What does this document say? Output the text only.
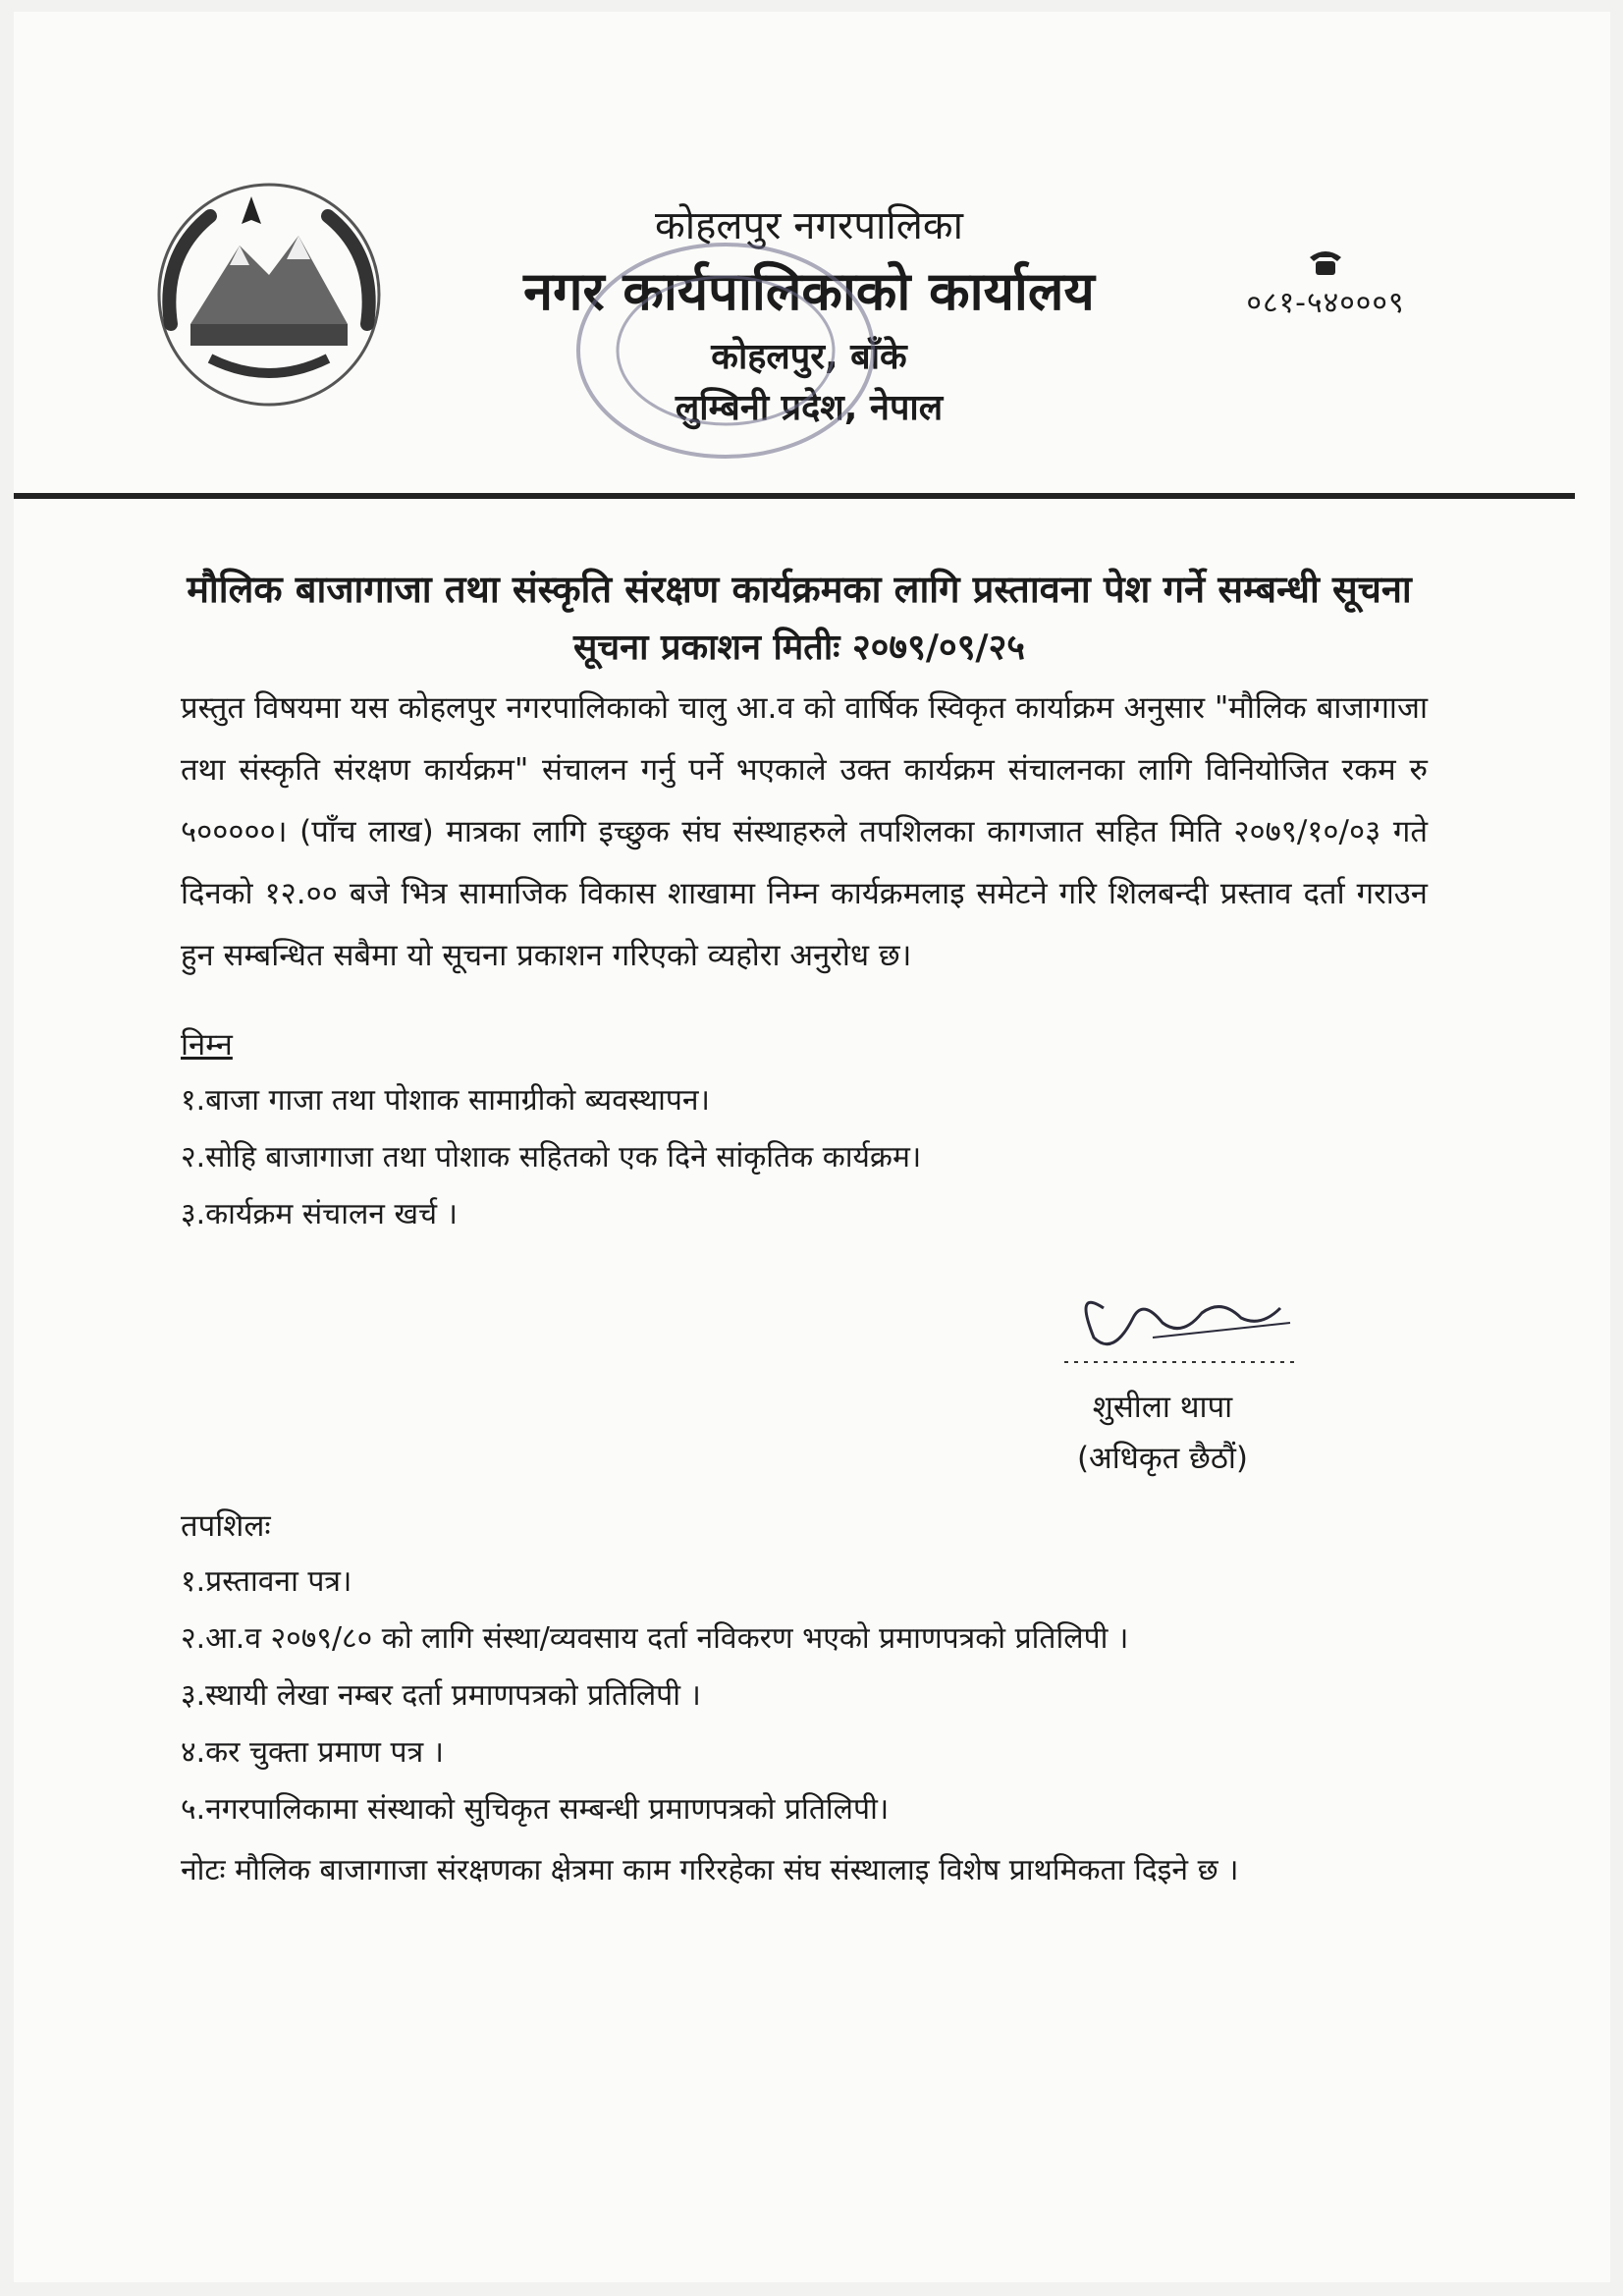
कोहलपुर नगरपालिका
नगर कार्यपालिकाको कार्यालय
कोहलपुर, बाँके
लुम्बिनी प्रदेश, नेपाल
०८१-५४०००९
मौलिक बाजागाजा तथा संस्कृति संरक्षण कार्यक्रमका लागि प्रस्तावना पेश गर्ने सम्बन्धी सूचना
सूचना प्रकाशन मितीः २०७९/०९/२५
प्रस्तुत विषयमा यस कोहलपुर नगरपालिकाको चालु आ.व को वार्षिक स्विकृत कार्याक्रम अनुसार "मौलिक बाजागाजा तथा संस्कृति संरक्षण कार्यक्रम" संचालन गर्नु पर्ने भएकाले उक्त कार्यक्रम संचालनका लागि विनियोजित रकम रु ५०००००। (पाँच लाख) मात्रका लागि इच्छुक संघ संस्थाहरुले तपशिलका कागजात सहित मिति २०७९/१०/०३ गते दिनको १२.०० बजे भित्र सामाजिक विकास शाखामा निम्न कार्यक्रमलाइ समेटने गरि शिलबन्दी प्रस्ताव दर्ता गराउन हुन सम्बन्धित सबैमा यो सूचना प्रकाशन गरिएको व्यहोरा अनुरोध छ।
निम्न
१.बाजा गाजा तथा पोशाक सामाग्रीको ब्यवस्थापन।
२.सोहि बाजागाजा तथा पोशाक सहितको एक दिने सांकृतिक कार्यक्रम।
३.कार्यक्रम संचालन खर्च ।
शुसीला थापा
(अधिकृत छैठौं)
तपशिलः
१.प्रस्तावना पत्र।
२.आ.व २०७९/८० को लागि संस्था/व्यवसाय दर्ता नविकरण भएको प्रमाणपत्रको प्रतिलिपी ।
३.स्थायी लेखा नम्बर दर्ता प्रमाणपत्रको प्रतिलिपी ।
४.कर चुक्ता प्रमाण पत्र ।
५.नगरपालिकामा संस्थाको सुचिकृत सम्बन्धी प्रमाणपत्रको प्रतिलिपी।
नोटः मौलिक बाजागाजा संरक्षणका क्षेत्रमा काम गरिरहेका संघ संस्थालाइ विशेष प्राथमिकता दिइने छ ।
